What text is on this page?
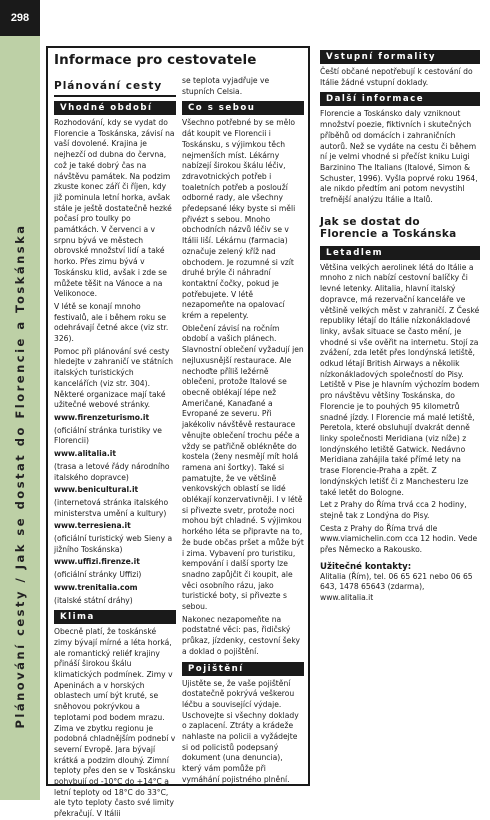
298
Plánování cesty / Jak se dostat do Florencie a Toskánska
Informace pro cestovatele
Plánování cesty
Vhodné období

Rozhodování, kdy se vydat do Florencie a Toskánska, závisí na vaší dovolené. Krajina je nejhezčí od dubna do června, což je také dobrý čas na návštěvu památek. Na podzim zkuste konec září či říjen, kdy již pominula letní horka, avšak stále je ještě dostatečně hezké počasí pro toulky po památkách. V červenci a v srpnu bývá ve městech obrovské množství lidí a také horko. Přes zimu bývá v Toskánsku klid, avšak i zde se můžete těšit na Vánoce a na Velikonoce.

V létě se konají mnoho festivalů, ale i během roku se odehrávají četné akce (viz str. 326).

Pomoc při plánování své cesty hledejte v zahraničí ve státních italských turistických kancelářích (viz str. 304). Některé organizace mají také užitečné webové stránky.

www.firenzeturismo.it

(oficiální stránka turistiky ve Florencii)

www.alitalia.it

(trasa a letové řády národního italského dopravce)

www.benicultural.it

(internetová stránka italského ministerstva umění a kultury)

www.terresiena.it

(oficiální turistický web Sieny a jižního Toskánska)

www.uffizi.firenze.it

(oficiální stránky Uffizi)

www.trenitalia.com

(italské státní dráhy)

Klima

Obecně platí, že toskánské zimy bývají mírné a léta horká, ale romantický reliéf krajiny přináší širokou škálu klimatických podmínek. Zimy v Apeninách a v horských oblastech umí být kruté, se sněhovou pokrývkou a teplotami pod bodem mrazu. Zima ve zbytku regionu je podobná chladnějším podnebí v severní Evropě. Jara bývají krátká a podzim dlouhý. Zimní teploty přes den se v Toskánsku pohybují od -10°C do +14°C a letní teploty od 18°C do 33°C, ale tyto teploty často své limity překračují. V Itálii

se teplota vyjadřuje ve stupních Celsia.

Co s sebou

Všechno potřebné by se mělo dát koupit ve Florencii i Toskánsku, s výjimkou těch nejmenších míst. Lékárny nabízejí širokou škálu léčiv, zdravotnických potřeb i toaletních potřeb a poslouží odborné rady, ale všechny předepsané léky byste si měli přivézt s sebou. Mnoho obchodních názvů léčiv se v Itálii liší. Lékárnu (farmacia) označuje zelený kříž nad obchodem. Je rozumné si vzít druhé brýle či náhradní kontaktní čočky, pokud je potřebujete. V létě nezapomeňte na opalovací krém a repelenty.

Oblečení závisí na ročním období a vašich plánech. Slavnostní oblečení vyžadují jen nejluxusnější restaurace. Ale nechoďte příliš ležérně oblečeni, protože Italové se obecně oblékají lépe než Američané, Kanaďané a Evropané ze severu. Při jakékoliv návštěvě restaurace věnujte oblečení trochu péče a vždy se patřičně oblékněte do kostela (ženy nesmějí mít holá ramena ani šortky). Také si pamatujte, že ve většině venkovských oblastí se lidé oblékají konzervativněji. I v létě si přivezte svetr, protože noci mohou být chladné. S výjimkou horkého léta se připravte na to, že bude občas pršet a může být i zima. Vybavení pro turistiku, kempování i další sporty lze snadno zapůjčit či koupit, ale věci osobního rázu, jako turistické boty, si přivezte s sebou.

Nakonec nezapomeňte na podstatné věci: pas, řidičský průkaz, jízdenky, cestovní šeky a doklad o pojištění.

Pojištění

Ujistěte se, že vaše pojištění dostatečně pokrývá veškerou léčbu a související výdaje. Uschovejte si všechny doklady o zaplacení. Ztráty a krádeže nahlaste na policii a vyžádejte si od policistů podepsaný dokument (una denuncia), který vám pomůže při vymáhání pojistného plnění.

Vstupní formality

Čeští občané nepotřebují k cestování do Itálie žádné vstupní doklady.

Další informace

Florencie a Toskánsko daly vzniknout množství poezie, fiktivních i skutečných příběhů od domácích i zahraničních autorů. Než se vydáte na cestu či během ní je velmi vhodné si přečíst kniku Luigi Barzinino The Italians (Italové, Simon & Schuster, 1996). Vyšla poprvé roku 1964, ale nikdo předtím ani potom nevystihl trefnější analýzu Itálie a Italů.

Jak se dostat do Florencie a Toskánska
Letadlem

Většina velkých aerolinek létá do Itálie a mnoho z nich nabízí cestovní balíčky či levné letenky. Alitalia, hlavní italský dopravce, má rezervační kanceláře ve většině velkých měst v zahraničí. Z České republiky létají do Itálie nízkonákladové linky, avšak situace se často mění, je vhodné si vše ověřit na internetu. Stojí za zvážení, zda letět přes londýnská letiště, odkud létají British Airways a několik nízkonákladových společností do Pisy. Letiště v Pise je hlavním výchozím bodem pro návštěvu většiny Toskánska, do Florencie je to pouhých 95 kilometrů snadné jízdy. I Florencie má malé letiště, Peretola, které obsluhují dvakrát denně linky společnosti Meridiana (viz níže) z londýnského letiště Gatwick. Nedávno Meridiana zahájila také přímé lety na trase Florencie-Praha a zpět. Z londýnských letišť či z Manchesteru lze také letět do Bologne.

Let z Prahy do Říma trvá cca 2 hodiny, stejně tak z Londýna do Pisy.

Cesta z Prahy do Říma trvá dle www.viamichelin.com cca 12 hodin. Vede přes Německo a Rakousko.

Užitečné kontakty:

Alitalia (Řím), tel. 06 65 621 nebo 06 65 643, 1478 65643 (zdarma), www.alitalia.it
